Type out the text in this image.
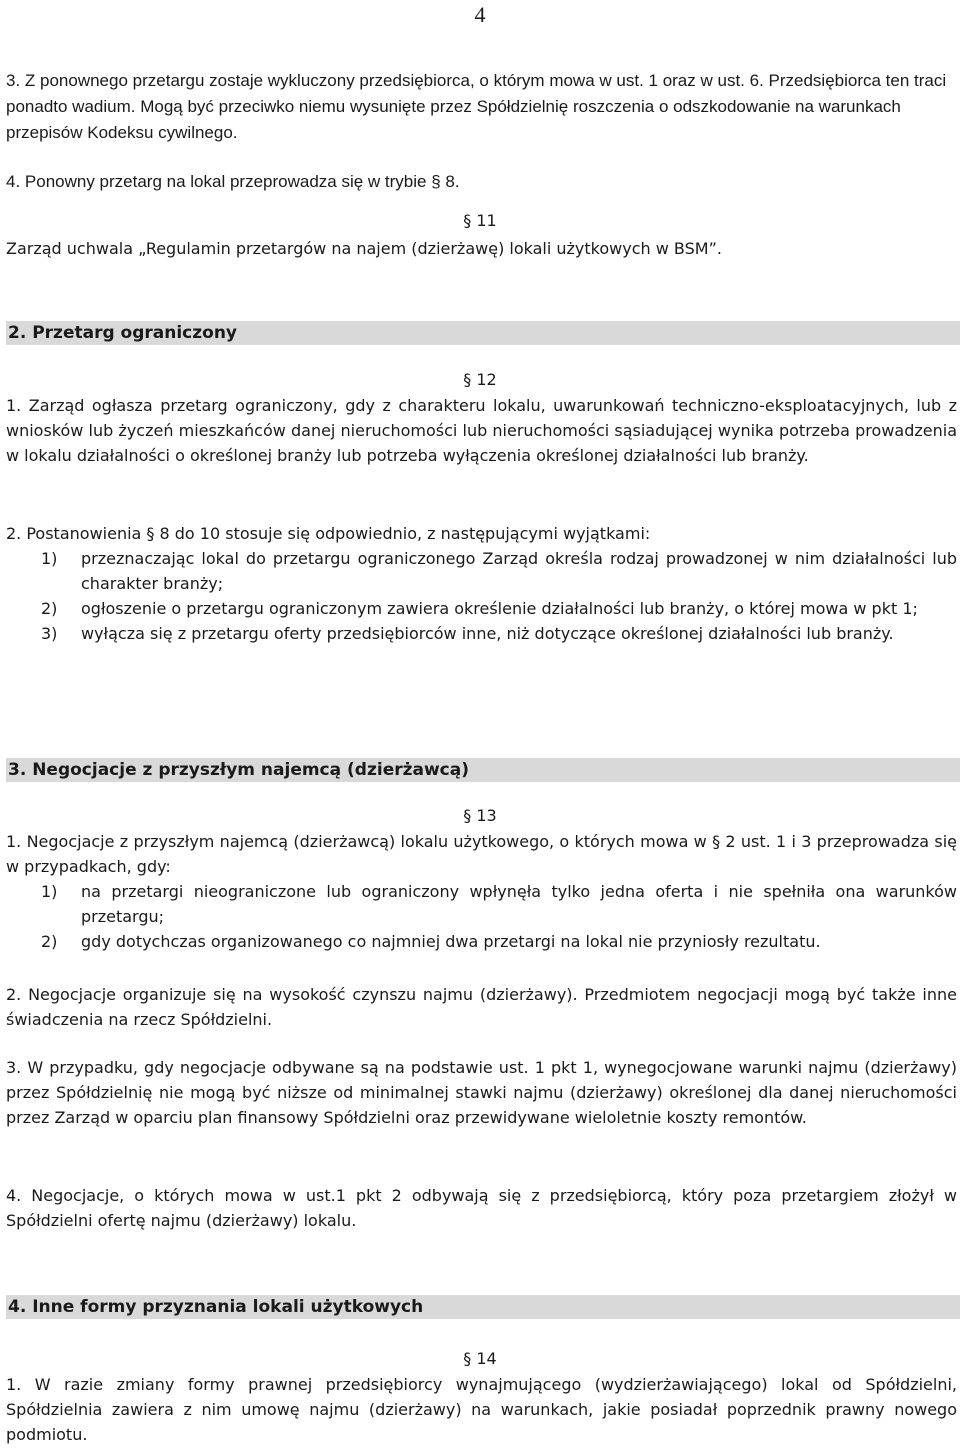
4
3. Z ponownego przetargu zostaje wykluczony przedsiębiorca, o którym mowa w ust. 1 oraz w ust. 6. Przedsiębiorca ten traci ponadto wadium. Mogą być przeciwko niemu wysunięte przez Spółdzielnię roszczenia o odszkodowanie na warunkach przepisów Kodeksu cywilnego.
4. Ponowny przetarg na lokal przeprowadza się w trybie § 8.
§ 11
Zarząd uchwala „Regulamin przetargów na najem (dzierżawę) lokali użytkowych w BSM”.
2. Przetarg ograniczony
§ 12
1. Zarząd ogłasza przetarg ograniczony, gdy z charakteru lokalu, uwarunkowań techniczno-eksploatacyjnych, lub z wniosków lub życzeń mieszkańców danej nieruchomości lub nieruchomości sąsiadującej wynika potrzeba prowadzenia w lokalu działalności o określonej branży lub potrzeba wyłączenia określonej działalności lub branży.
2. Postanowienia § 8 do 10 stosuje się odpowiednio, z następującymi wyjątkami:
1)	przeznaczając lokal do przetargu ograniczonego Zarząd określa rodzaj prowadzonej w nim działalności lub charakter branży;
2)	ogłoszenie o przetargu ograniczonym zawiera określenie działalności lub branży, o której mowa w pkt 1;
3)	wyłącza się z przetargu oferty przedsiębiorców inne, niż dotyczące określonej działalności lub branży.
3. Negocjacje z przyszłym najemcą (dzierżawcą)
§ 13
1. Negocjacje z przyszłym najemcą (dzierżawcą) lokalu użytkowego, o których mowa w § 2 ust. 1 i 3 przeprowadza się w przypadkach, gdy:
1)	na przetargi nieograniczone lub ograniczony wpłynęła tylko jedna oferta i nie spełniła ona warunków przetargu;
2)	gdy dotychczas organizowanego co najmniej dwa przetargi na lokal nie przyniosły rezultatu.
2. Negocjacje organizuje się na wysokość czynszu najmu (dzierżawy). Przedmiotem negocjacji mogą być także inne świadczenia na rzecz Spółdzielni.
3. W przypadku, gdy negocjacje odbywane są na podstawie ust. 1 pkt 1, wynegocjowane warunki najmu (dzierżawy) przez Spółdzielnię nie mogą być niższe od minimalnej stawki najmu (dzierżawy) określonej dla danej nieruchomości przez Zarząd w oparciu plan finansowy Spółdzielni oraz przewidywane wieloletnie koszty remontów.
4. Negocjacje, o których mowa w ust.1 pkt 2 odbywają się z przedsiębiorcą, który poza przetargiem złożył w Spółdzielni ofertę najmu (dzierżawy) lokalu.
4. Inne formy przyznania lokali użytkowych
§ 14
1. W razie zmiany formy prawnej przedsiębiorcy wynajmującego (wydzierżawiającego) lokal od Spółdzielni, Spółdzielnia zawiera z nim umowę najmu (dzierżawy) na warunkach, jakie posiadał poprzednik prawny nowego podmiotu.
